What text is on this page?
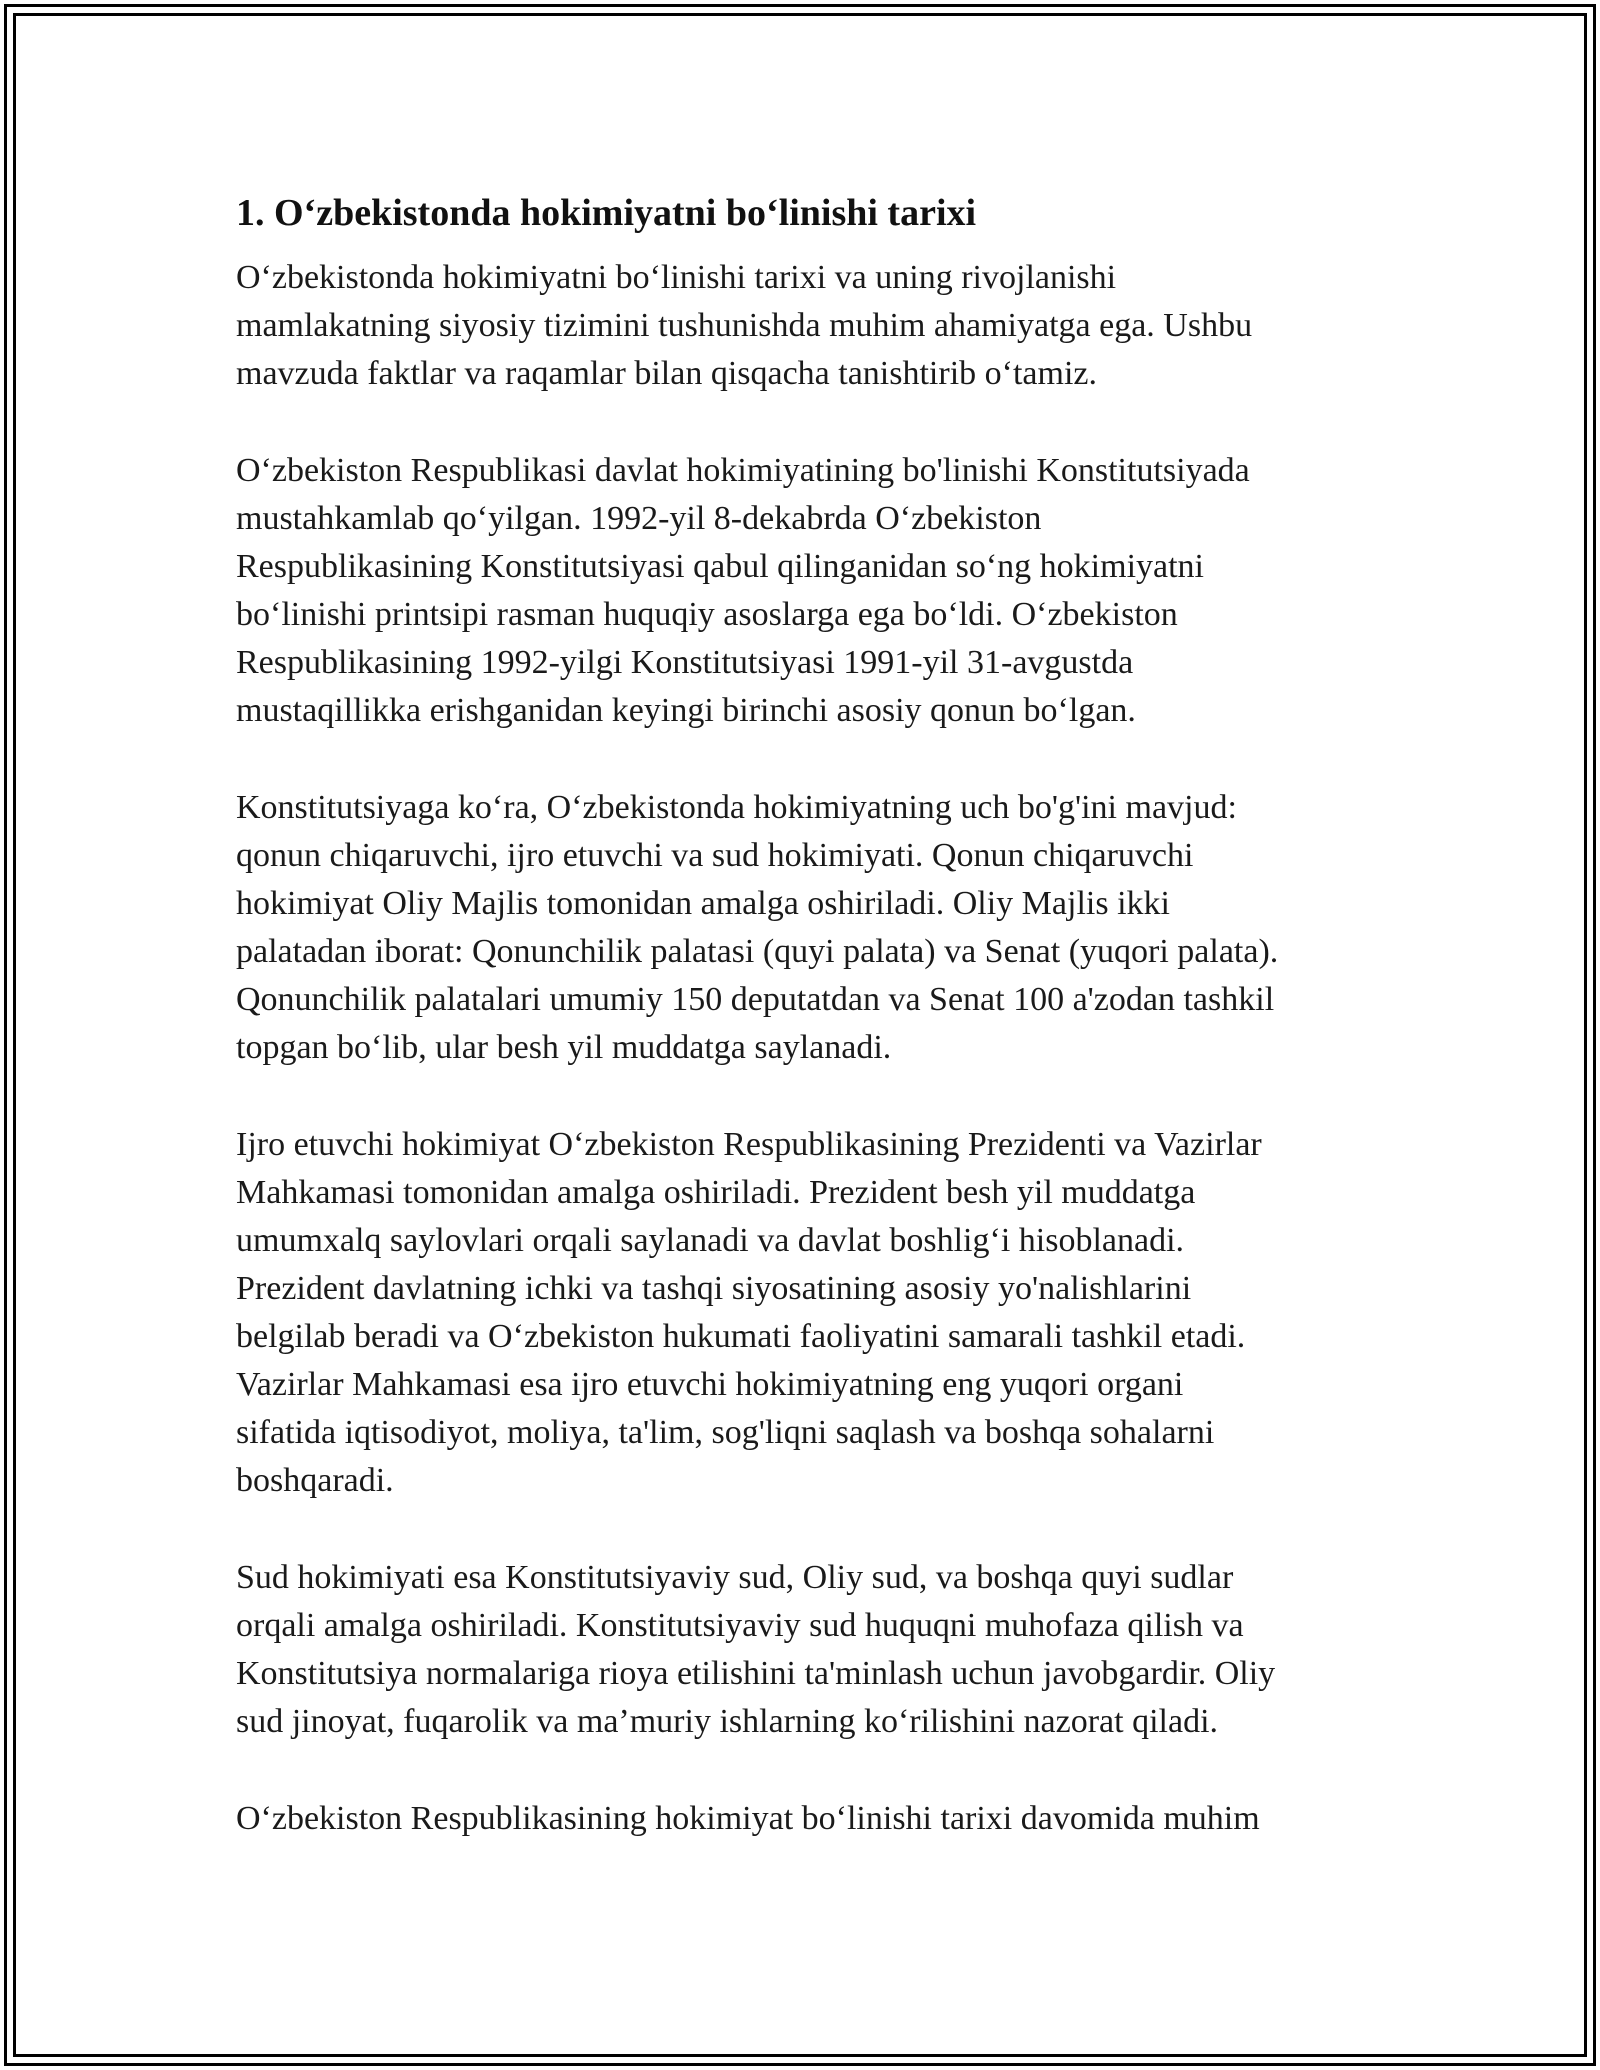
1. O‘zbekistonda hokimiyatni bo‘linishi tarixi

O‘zbekistonda hokimiyatni bo‘linishi tarixi va uning rivojlanishi
mamlakatning siyosiy tizimini tushunishda muhim ahamiyatga ega. Ushbu
mavzuda faktlar va raqamlar bilan qisqacha tanishtirib o‘tamiz.

O‘zbekiston Respublikasi davlat hokimiyatining bo'linishi Konstitutsiyada
mustahkamlab qo‘yilgan. 1992-yil 8-dekabrda O‘zbekiston
Respublikasining Konstitutsiyasi qabul qilinganidan so‘ng hokimiyatni
bo‘linishi printsipi rasman huquqiy asoslarga ega bo‘ldi. O‘zbekiston
Respublikasining 1992-yilgi Konstitutsiyasi 1991-yil 31-avgustda
mustaqillikka erishganidan keyingi birinchi asosiy qonun bo‘lgan.

Konstitutsiyaga ko‘ra, O‘zbekistonda hokimiyatning uch bo'g'ini mavjud:
qonun chiqaruvchi, ijro etuvchi va sud hokimiyati. Qonun chiqaruvchi
hokimiyat Oliy Majlis tomonidan amalga oshiriladi. Oliy Majlis ikki
palatadan iborat: Qonunchilik palatasi (quyi palata) va Senat (yuqori palata).
Qonunchilik palatalari umumiy 150 deputatdan va Senat 100 a'zodan tashkil
topgan bo‘lib, ular besh yil muddatga saylanadi.

Ijro etuvchi hokimiyat O‘zbekiston Respublikasining Prezidenti va Vazirlar
Mahkamasi tomonidan amalga oshiriladi. Prezident besh yil muddatga
umumxalq saylovlari orqali saylanadi va davlat boshlig‘i hisoblanadi.
Prezident davlatning ichki va tashqi siyosatining asosiy yo'nalishlarini
belgilab beradi va O‘zbekiston hukumati faoliyatini samarali tashkil etadi.
Vazirlar Mahkamasi esa ijro etuvchi hokimiyatning eng yuqori organi
sifatida iqtisodiyot, moliya, ta'lim, sog'liqni saqlash va boshqa sohalarni
boshqaradi.

Sud hokimiyati esa Konstitutsiyaviy sud, Oliy sud, va boshqa quyi sudlar
orqali amalga oshiriladi. Konstitutsiyaviy sud huquqni muhofaza qilish va
Konstitutsiya normalariga rioya etilishini ta'minlash uchun javobgardir. Oliy
sud jinoyat, fuqarolik va ma’muriy ishlarning ko‘rilishini nazorat qiladi.

O‘zbekiston Respublikasining hokimiyat bo‘linishi tarixi davomida muhim
